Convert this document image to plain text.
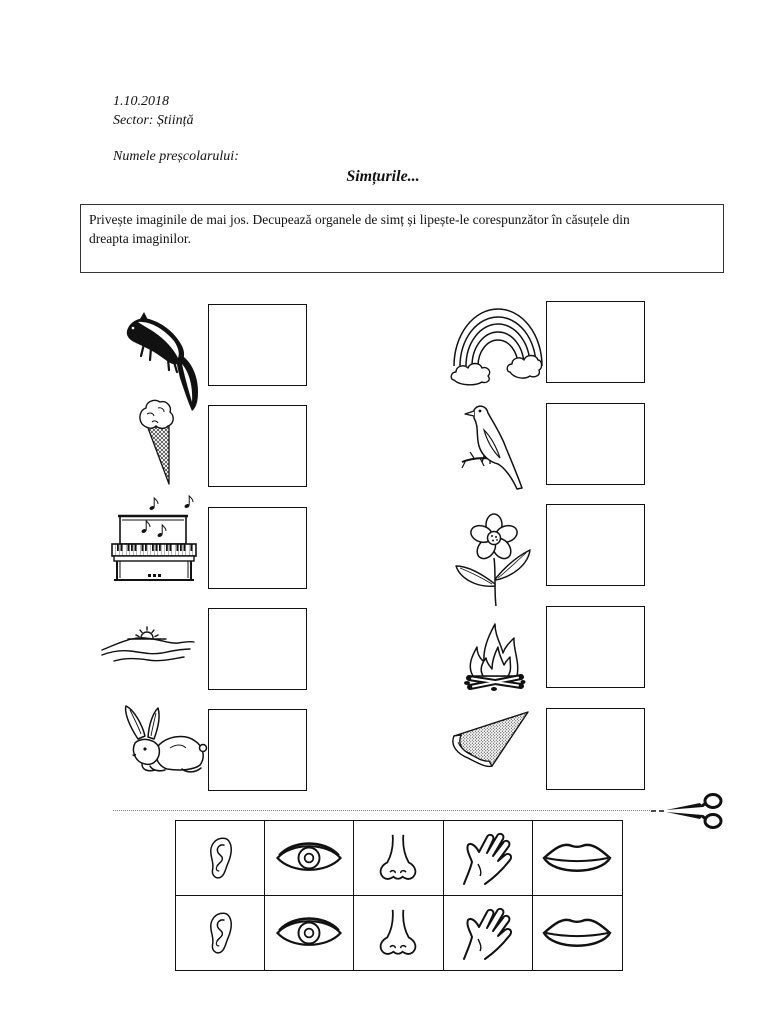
1.10.2018
Sector: Știință
Numele preșcolarului:
Simțurile...
Privește imaginile de mai jos. Decupează organele de simț și lipește-le corespunzător în căsuțele din
dreapta imaginilor.
